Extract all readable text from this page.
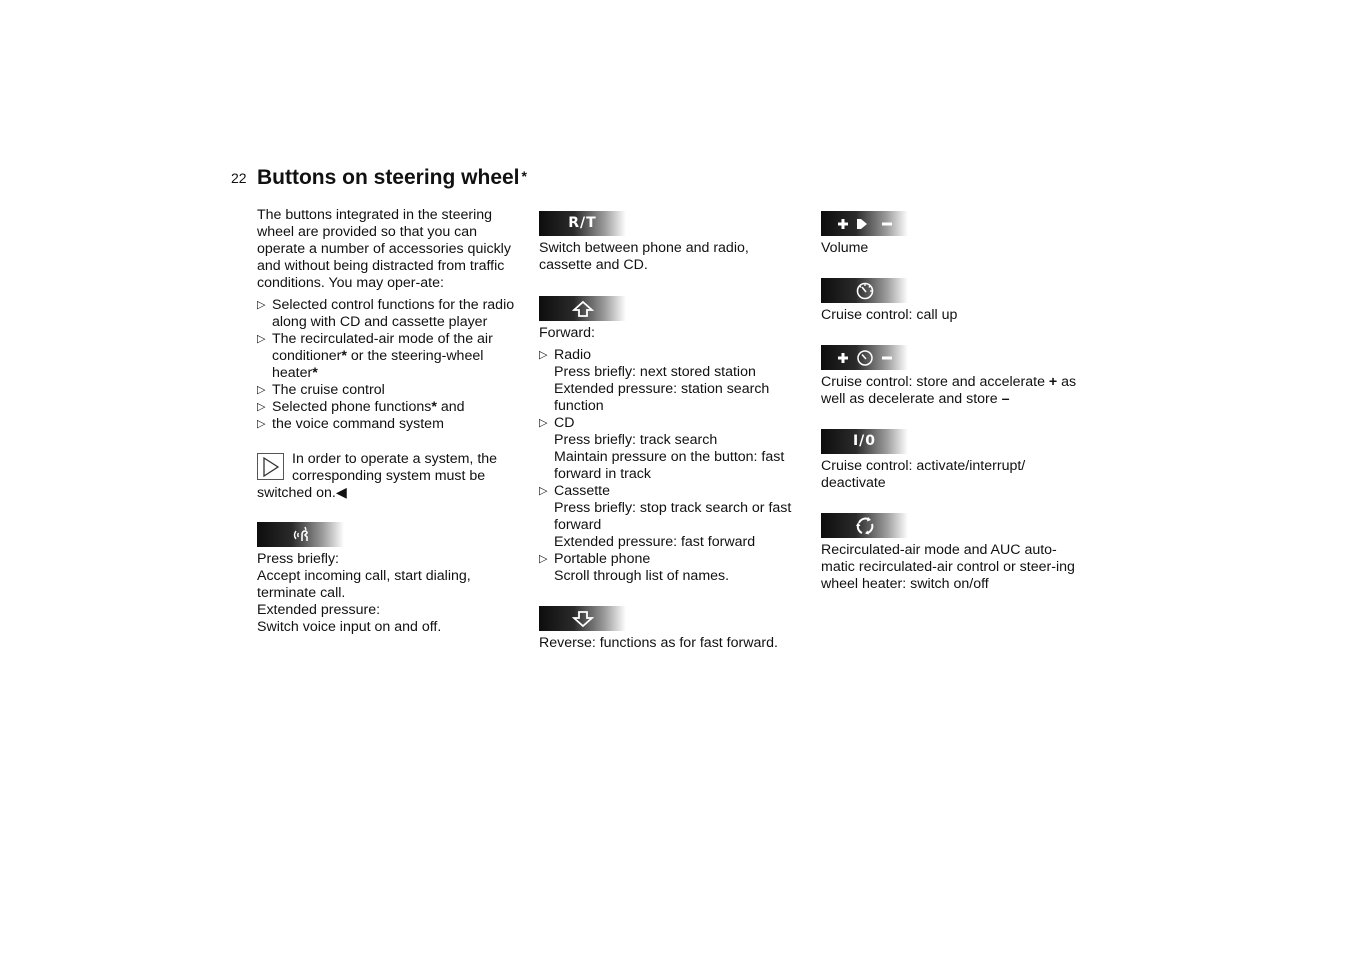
22 Buttons on steering wheel *

The buttons integrated in the steering wheel are provided so that you can operate a number of accessories quickly and without being distracted from traffic conditions. You may oper-ate:

▷ Selected control functions for the radio along with CD and cassette player
▷ The recirculated-air mode of the air conditioner* or the steering-wheel heater*
▷ The cruise control
▷ Selected phone functions* and
▷ the voice command system
In order to operate a system, the corresponding system must be switched on.◀

Press briefly:

Accept incoming call, start dialing, terminate call.

Extended pressure:

Switch voice input on and off.

R/T

Switch between phone and radio, cassette and CD.

Forward:

▷ Radio
Press briefly: next stored station
Extended pressure: station search function
▷ CD
Press briefly: track search
Maintain pressure on the button: fast forward in track
▷ Cassette
Press briefly: stop track search or fast forward
Extended pressure: fast forward
▷ Portable phone
Scroll through list of names.

Reverse: functions as for fast forward.

Volume

Cruise control: call up

Cruise control: store and accelerate + as well as decelerate and store –

I/0

Cruise control: activate/interrupt/ deactivate

Recirculated-air mode and AUC auto-matic recirculated-air control or steer-ing wheel heater: switch on/off
